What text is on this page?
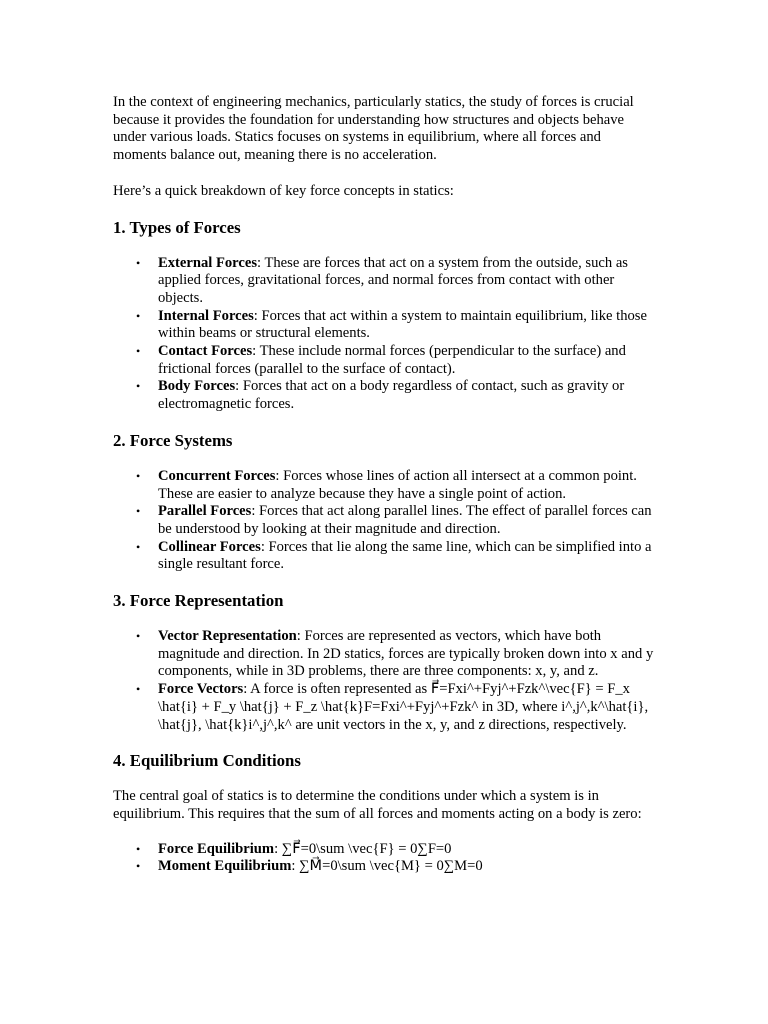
In the context of engineering mechanics, particularly statics, the study of forces is crucial because it provides the foundation for understanding how structures and objects behave under various loads. Statics focuses on systems in equilibrium, where all forces and moments balance out, meaning there is no acceleration.

Here’s a quick breakdown of key force concepts in statics:

1. Types of Forces
• External Forces: These are forces that act on a system from the outside, such as applied forces, gravitational forces, and normal forces from contact with other objects.
• Internal Forces: Forces that act within a system to maintain equilibrium, like those within beams or structural elements.
• Contact Forces: These include normal forces (perpendicular to the surface) and frictional forces (parallel to the surface of contact).
• Body Forces: Forces that act on a body regardless of contact, such as gravity or electromagnetic forces.
2. Force Systems
• Concurrent Forces: Forces whose lines of action all intersect at a common point. These are easier to analyze because they have a single point of action.
• Parallel Forces: Forces that act along parallel lines. The effect of parallel forces can be understood by looking at their magnitude and direction.
• Collinear Forces: Forces that lie along the same line, which can be simplified into a single resultant force.
3. Force Representation
• Vector Representation: Forces are represented as vectors, which have both magnitude and direction. In 2D statics, forces are typically broken down into x and y components, while in 3D problems, there are three components: x, y, and z.
• Force Vectors: A force is often represented as F⃗=Fxi^+Fyj^+Fzk^\vec{F} = F_x \hat{i} + F_y \hat{j} + F_z \hat{k}F=Fxi^+Fyj^+Fzk^ in 3D, where i^,j^,k^\hat{i}, \hat{j}, \hat{k}i^,j^,k^ are unit vectors in the x, y, and z directions, respectively.
4. Equilibrium Conditions

The central goal of statics is to determine the conditions under which a system is in equilibrium. This requires that the sum of all forces and moments acting on a body is zero:

• Force Equilibrium: ∑F⃗=0\sum \vec{F} = 0∑F=0
• Moment Equilibrium: ∑M⃗=0\sum \vec{M} = 0∑M=0
